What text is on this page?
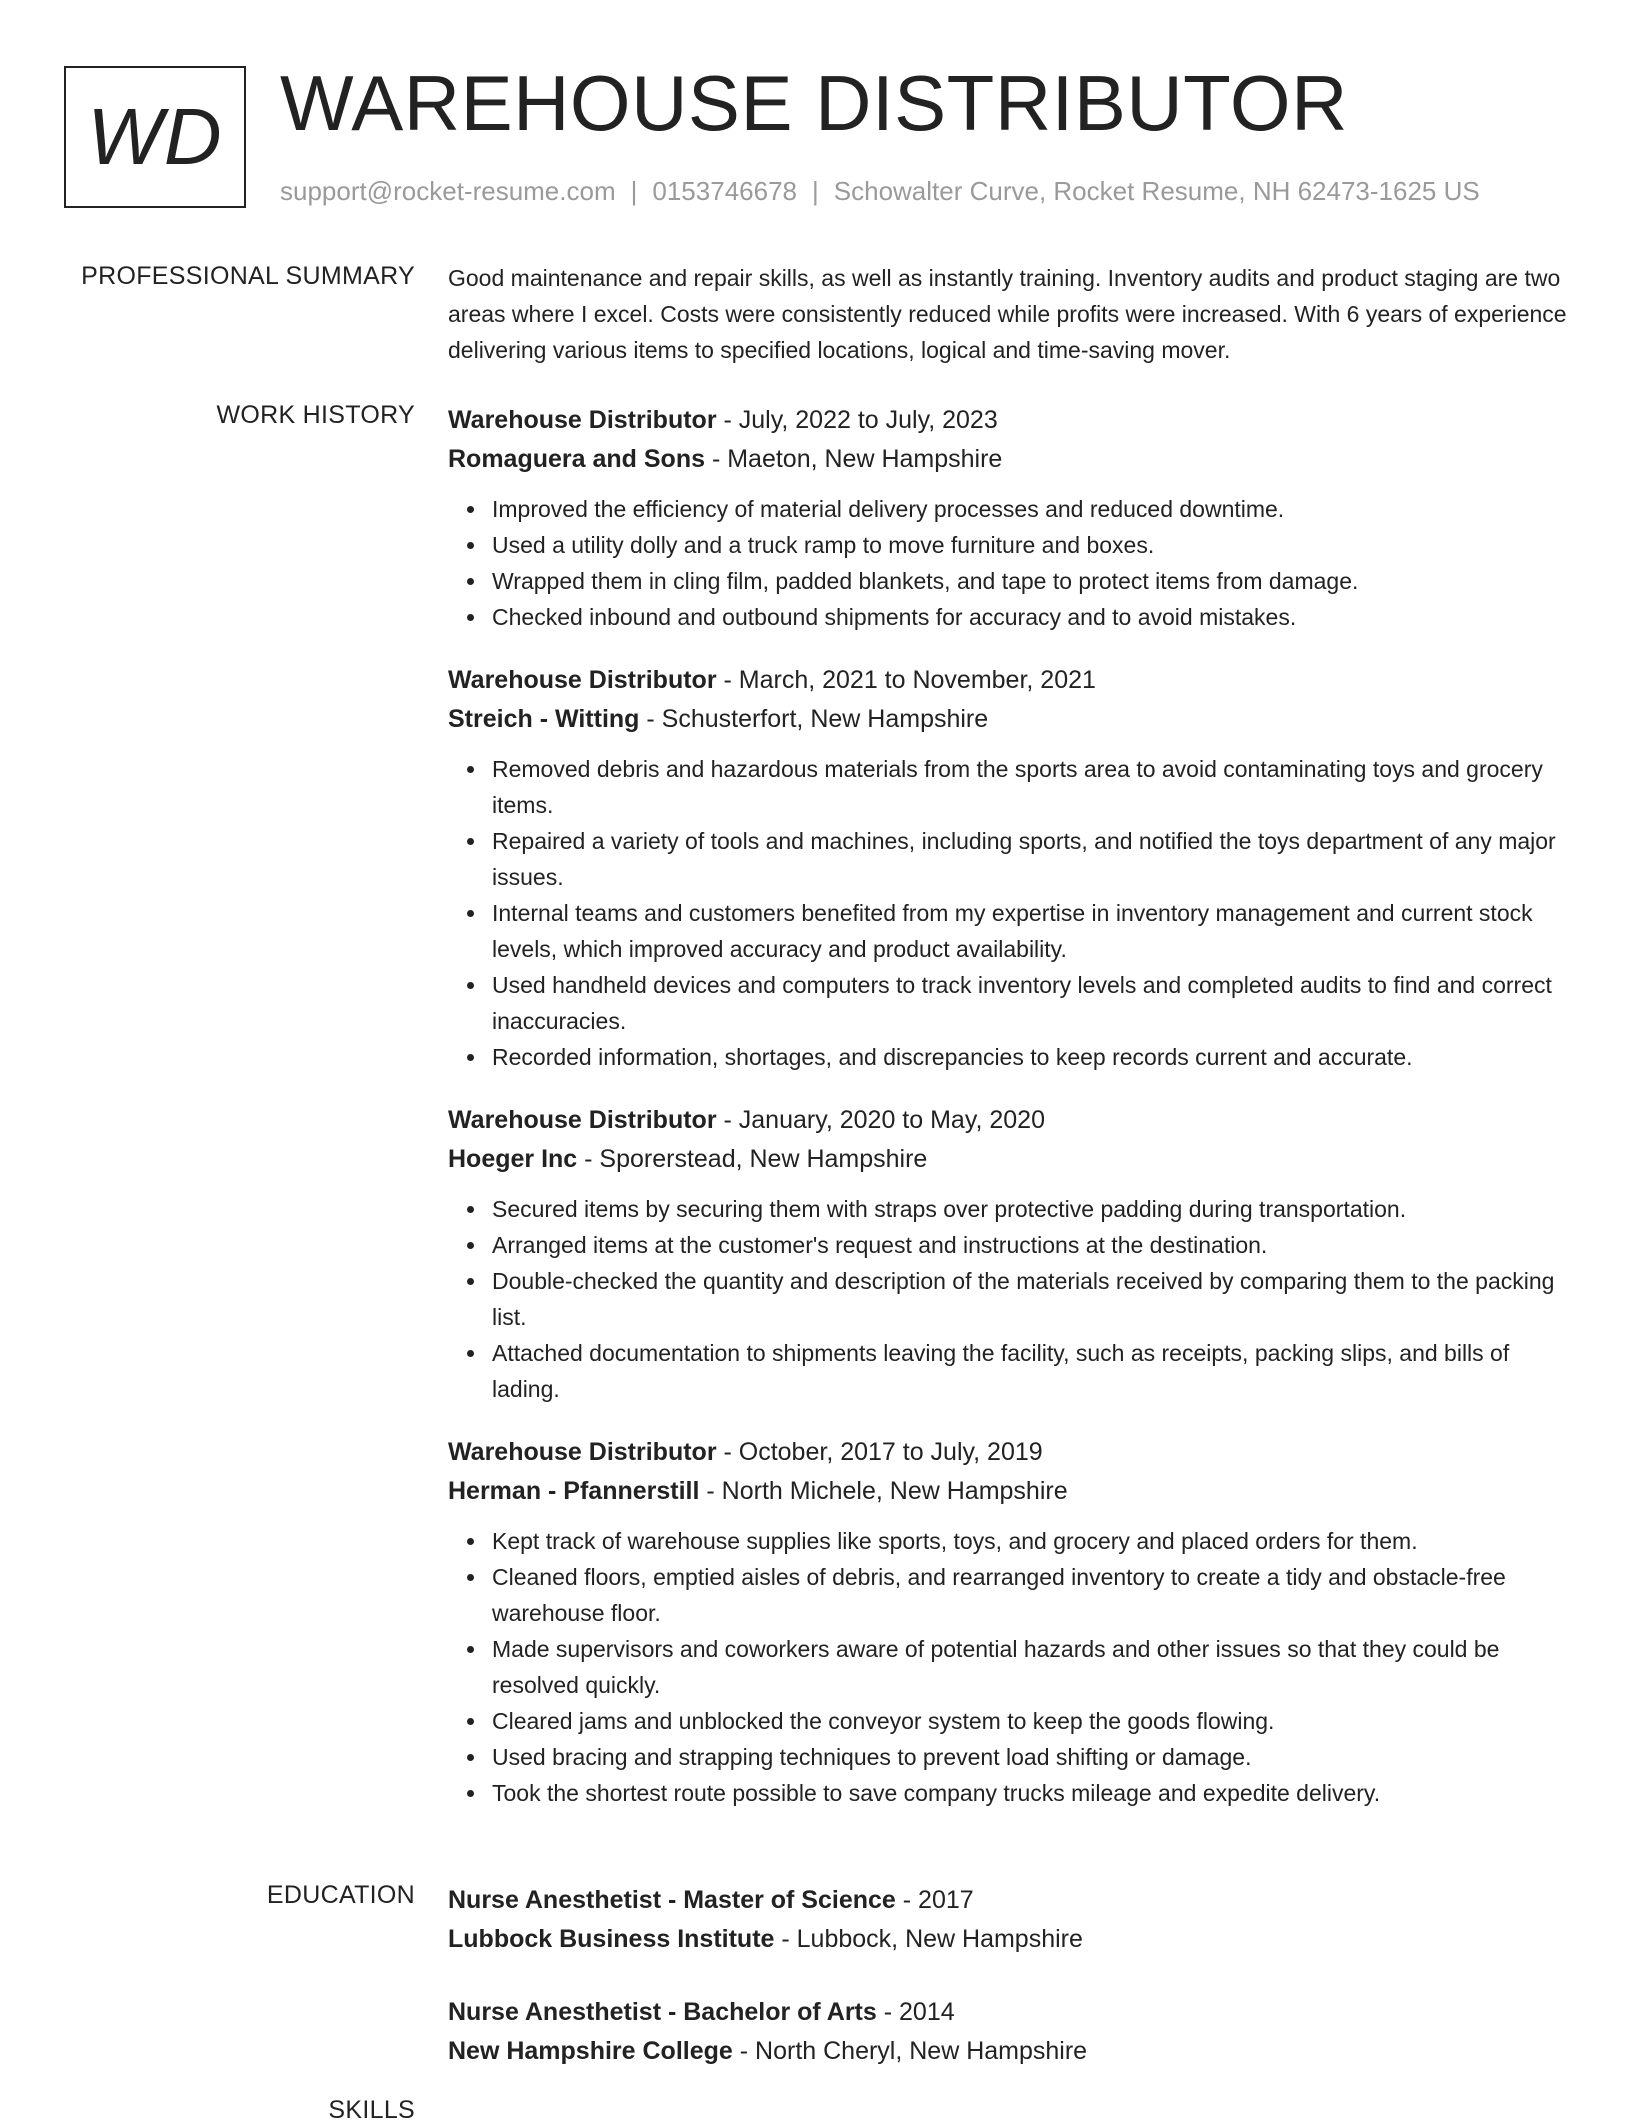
WD WAREHOUSE DISTRIBUTOR
support@rocket-resume.com | 0153746678 | Schowalter Curve, Rocket Resume, NH 62473-1625 US
PROFESSIONAL SUMMARY Good maintenance and repair skills, as well as instantly training. Inventory audits and product staging are two areas where I excel. Costs were consistently reduced while profits were increased. With 6 years of experience delivering various items to specified locations, logical and time-saving mover.

WORK HISTORY Warehouse Distributor - July, 2022 to July, 2023
Romaguera and Sons - Maeton, New Hampshire
Improved the efficiency of material delivery processes and reduced downtime.
Used a utility dolly and a truck ramp to move furniture and boxes.
Wrapped them in cling film, padded blankets, and tape to protect items from damage.
Checked inbound and outbound shipments for accuracy and to avoid mistakes.
Warehouse Distributor - March, 2021 to November, 2021
Streich - Witting - Schusterfort, New Hampshire
Removed debris and hazardous materials from the sports area to avoid contaminating toys and grocery items.
Repaired a variety of tools and machines, including sports, and notified the toys department of any major issues.
Internal teams and customers benefited from my expertise in inventory management and current stock levels, which improved accuracy and product availability.
Used handheld devices and computers to track inventory levels and completed audits to find and correct inaccuracies.
Recorded information, shortages, and discrepancies to keep records current and accurate.
Warehouse Distributor - January, 2020 to May, 2020
Hoeger Inc - Sporerstead, New Hampshire
Secured items by securing them with straps over protective padding during transportation.
Arranged items at the customer's request and instructions at the destination.
Double-checked the quantity and description of the materials received by comparing them to the packing list.
Attached documentation to shipments leaving the facility, such as receipts, packing slips, and bills of lading.
Warehouse Distributor - October, 2017 to July, 2019
Herman - Pfannerstill - North Michele, New Hampshire
Kept track of warehouse supplies like sports, toys, and grocery and placed orders for them.
Cleaned floors, emptied aisles of debris, and rearranged inventory to create a tidy and obstacle-free warehouse floor.
Made supervisors and coworkers aware of potential hazards and other issues so that they could be resolved quickly.
Cleared jams and unblocked the conveyor system to keep the goods flowing.
Used bracing and strapping techniques to prevent load shifting or damage.
Took the shortest route possible to save company trucks mileage and expedite delivery.
EDUCATION Nurse Anesthetist - Master of Science - 2017
Lubbock Business Institute - Lubbock, New Hampshire
Nurse Anesthetist - Bachelor of Arts - 2014
New Hampshire College - North Cheryl, New Hampshire
SKILLS
